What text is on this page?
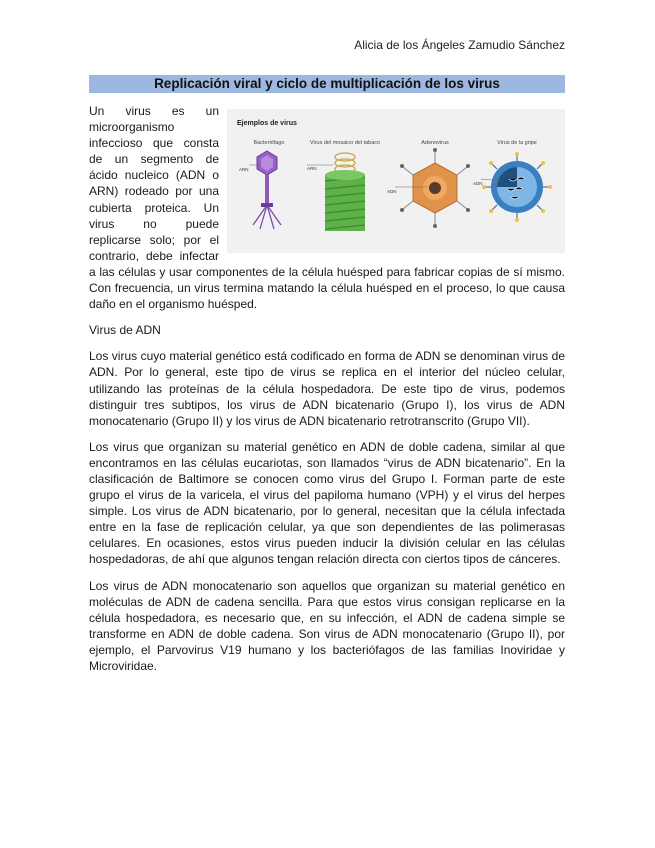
Alicia de los Ángeles Zamudio Sánchez
Replicación viral y ciclo de multiplicación de los virus
Ejemplos de virus
Bacteriófago	Virus del mosaico del tabaco	Adenovirus	Virus de la gripe
ARN	ARN
ADN
ADN

Un virus es un microorganismo infeccioso que consta de un segmento de ácido nucleico (ADN o ARN) rodeado por una cubierta proteica. Un virus no puede replicarse solo; por el contrario, debe infectar a las células y usar componentes de la célula huésped para fabricar copias de sí mismo. Con frecuencia, un virus termina matando la célula huésped en el proceso, lo que causa daño en el organismo huésped.

Virus de ADN

Los virus cuyo material genético está codificado en forma de ADN se denominan virus de ADN. Por lo general, este tipo de virus se replica en el interior del núcleo celular, utilizando las proteínas de la célula hospedadora. De este tipo de virus, podemos distinguir tres subtipos, los virus de ADN bicatenario (Grupo I), los virus de ADN monocatenario (Grupo II) y los virus de ADN bicatenario retrotranscrito (Grupo VII).

Los virus que organizan su material genético en ADN de doble cadena, similar al que encontramos en las células eucariotas, son llamados “virus de ADN bicatenario”. En la clasificación de Baltimore se conocen como virus del Grupo I. Forman parte de este grupo el virus de la varicela, el virus del papiloma humano (VPH) y el virus del herpes simple. Los virus de ADN bicatenario, por lo general, necesitan que la célula infectada entre en la fase de replicación celular, ya que son dependientes de las polimerasas celulares. En ocasiones, estos virus pueden inducir la división celular en las células hospedadoras, de ahí que algunos tengan relación directa con ciertos tipos de cánceres.

Los virus de ADN monocatenario son aquellos que organizan su material genético en moléculas de ADN de cadena sencilla. Para que estos virus consigan replicarse en la célula hospedadora, es necesario que, en su infección, el ADN de cadena simple se transforme en ADN de doble cadena. Son virus de ADN monocatenario (Grupo II), por ejemplo, el Parvovirus V19 humano y los bacteriófagos de las familias Inoviridae y Microviridae.
